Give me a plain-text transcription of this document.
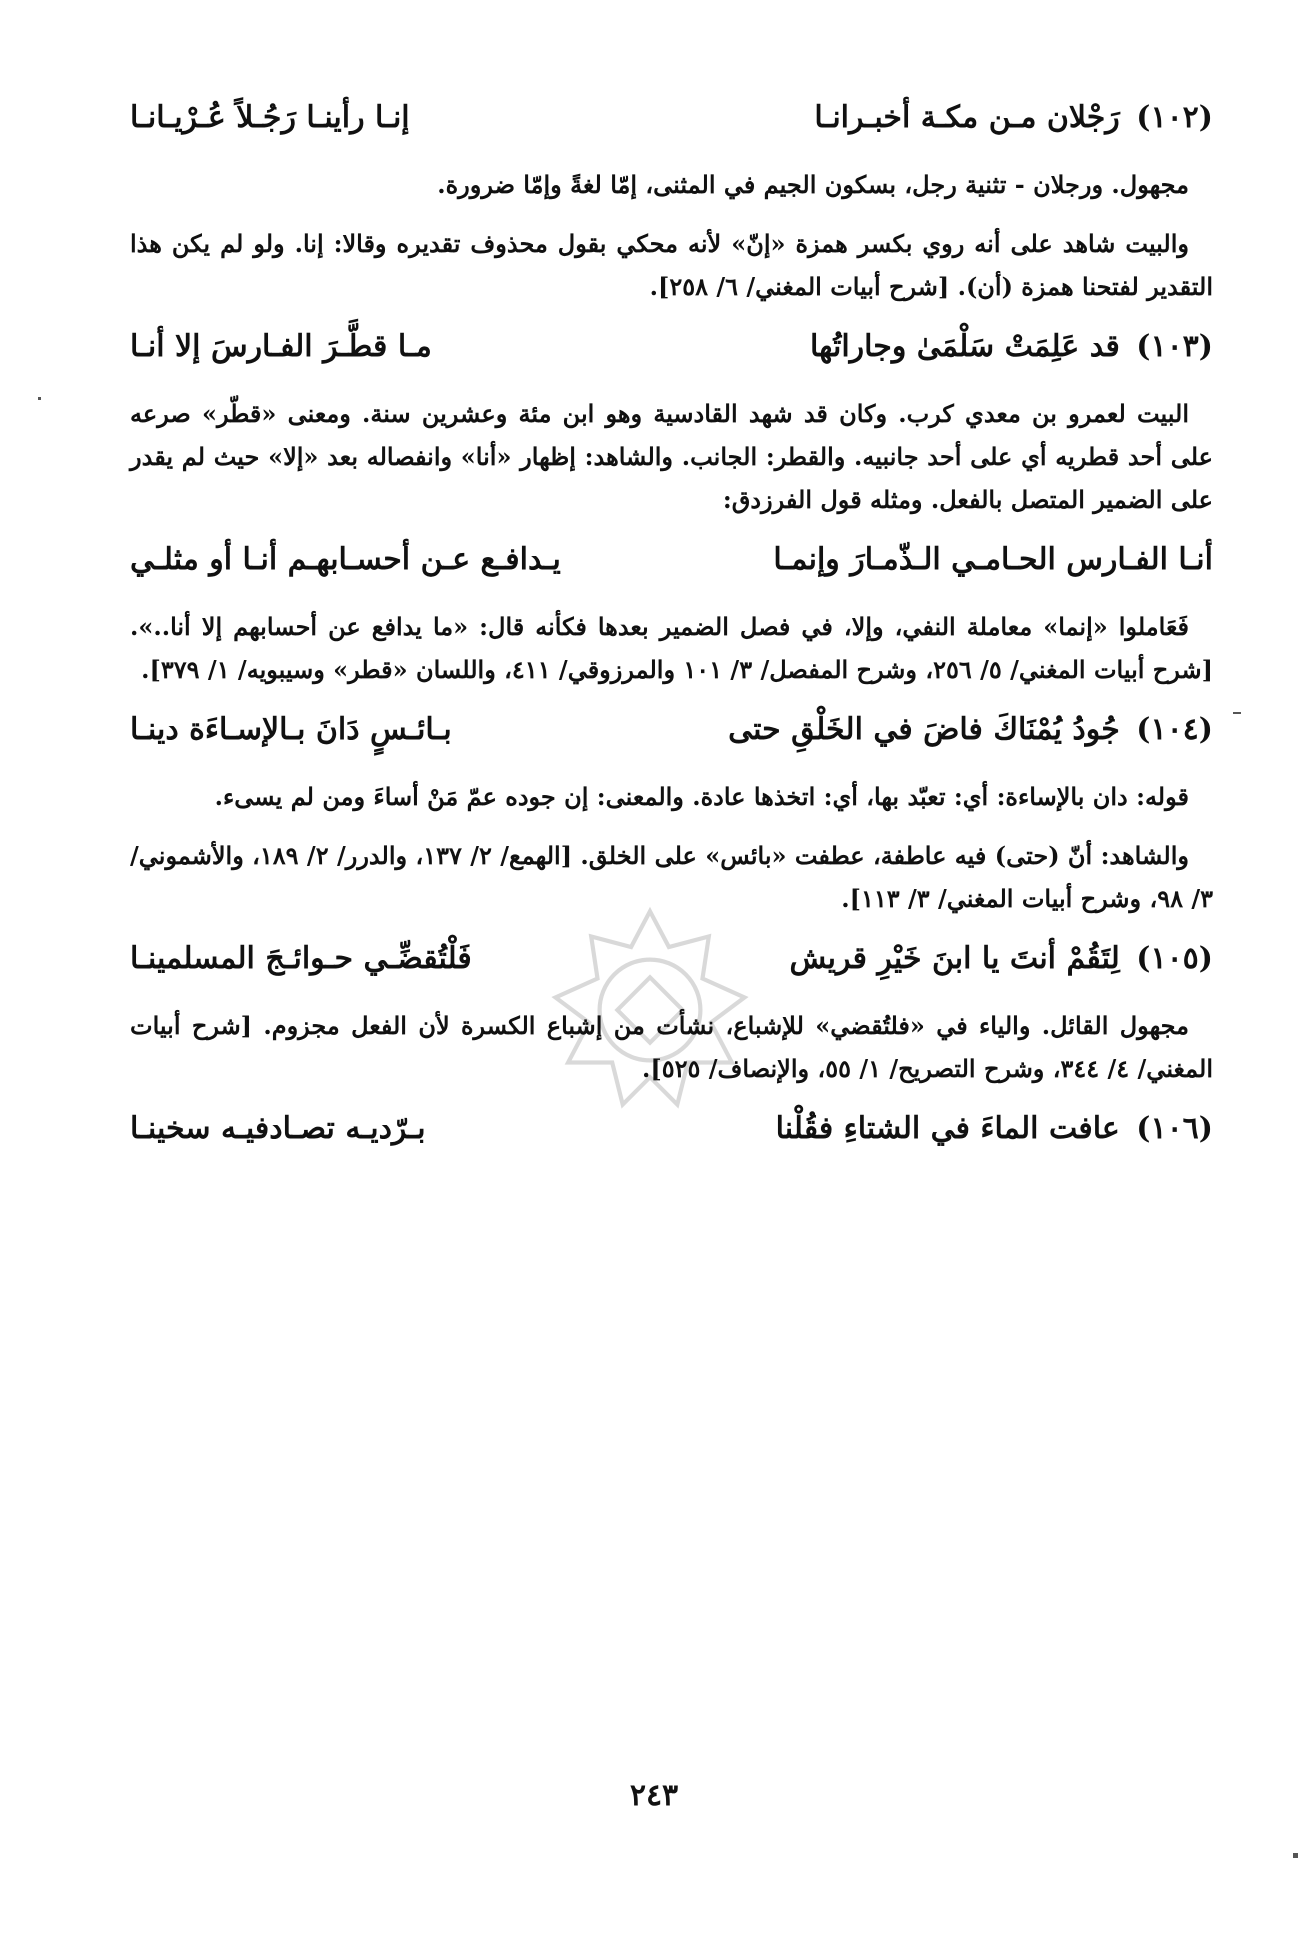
(١٠٢) رَجْلان مـن مكـة أخبـرانـا
إنـا رأينـا رَجُـلاً عُـرْيـانـا

مجهول. ورجلان - تثنية رجل، بسكون الجيم في المثنى، إمّا لغةً وإمّا ضرورة.

والبيت شاهد على أنه روي بكسر همزة «إنّ» لأنه محكي بقول محذوف تقديره وقالا: إنا. ولو لم يكن هذا التقدير لفتحنا همزة (أن). [شرح أبيات المغني/ ٦/ ٢٥٨].

(١٠٣) قد عَلِمَتْ سَلْمَىٰ وجاراتُها
مـا قطَّـرَ الفـارسَ إلا أنـا

البيت لعمرو بن معدي كرب. وكان قد شهد القادسية وهو ابن مئة وعشرين سنة. ومعنى «قطّر» صرعه على أحد قطريه أي على أحد جانبيه. والقطر: الجانب. والشاهد: إظهار «أنا» وانفصاله بعد «إلا» حيث لم يقدر على الضمير المتصل بالفعل. ومثله قول الفرزدق:

أنـا الفـارس الحـامـي الـذّمـارَ وإنمـا
يـدافـع عـن أحسـابهـم أنـا أو مثلـي

فَعَاملوا «إنما» معاملة النفي، وإلا، في فصل الضمير بعدها فكأنه قال: «ما يدافع عن أحسابهم إلا أنا..». [شرح أبيات المغني/ ٥/ ٢٥٦، وشرح المفصل/ ٣/ ١٠١ والمرزوقي/ ٤١١، واللسان «قطر» وسيبويه/ ١/ ٣٧٩].

(١٠٤) جُودُ يُمْنَاكَ فاضَ في الخَلْقِ حتى
بـائـسٍ دَانَ بـالإسـاءَة دينـا

قوله: دان بالإساءة: أي: تعبّد بها، أي: اتخذها عادة. والمعنى: إن جوده عمّ مَنْ أساءَ ومن لم يسىء.

والشاهد: أنّ (حتى) فيه عاطفة، عطفت «بائس» على الخلق. [الهمع/ ٢/ ١٣٧، والدرر/ ٢/ ١٨٩، والأشموني/ ٣/ ٩٨، وشرح أبيات المغني/ ٣/ ١١٣].

(١٠٥) لِتَقُمْ أنتَ يا ابنَ خَيْرِ قريش
فَلْتُقضِّـي حـوائـجَ المسلمينـا

مجهول القائل. والياء في «فلتُقضي» للإشباع، نشأت من إشباع الكسرة لأن الفعل مجزوم. [شرح أبيات المغني/ ٤/ ٣٤٤، وشرح التصريح/ ١/ ٥٥، والإنصاف/ ٥٢٥].

(١٠٦) عافت الماءَ في الشتاءِ فقُلْنا
بـرّديـه تصـادفيـه سخينـا
٢٤٣
